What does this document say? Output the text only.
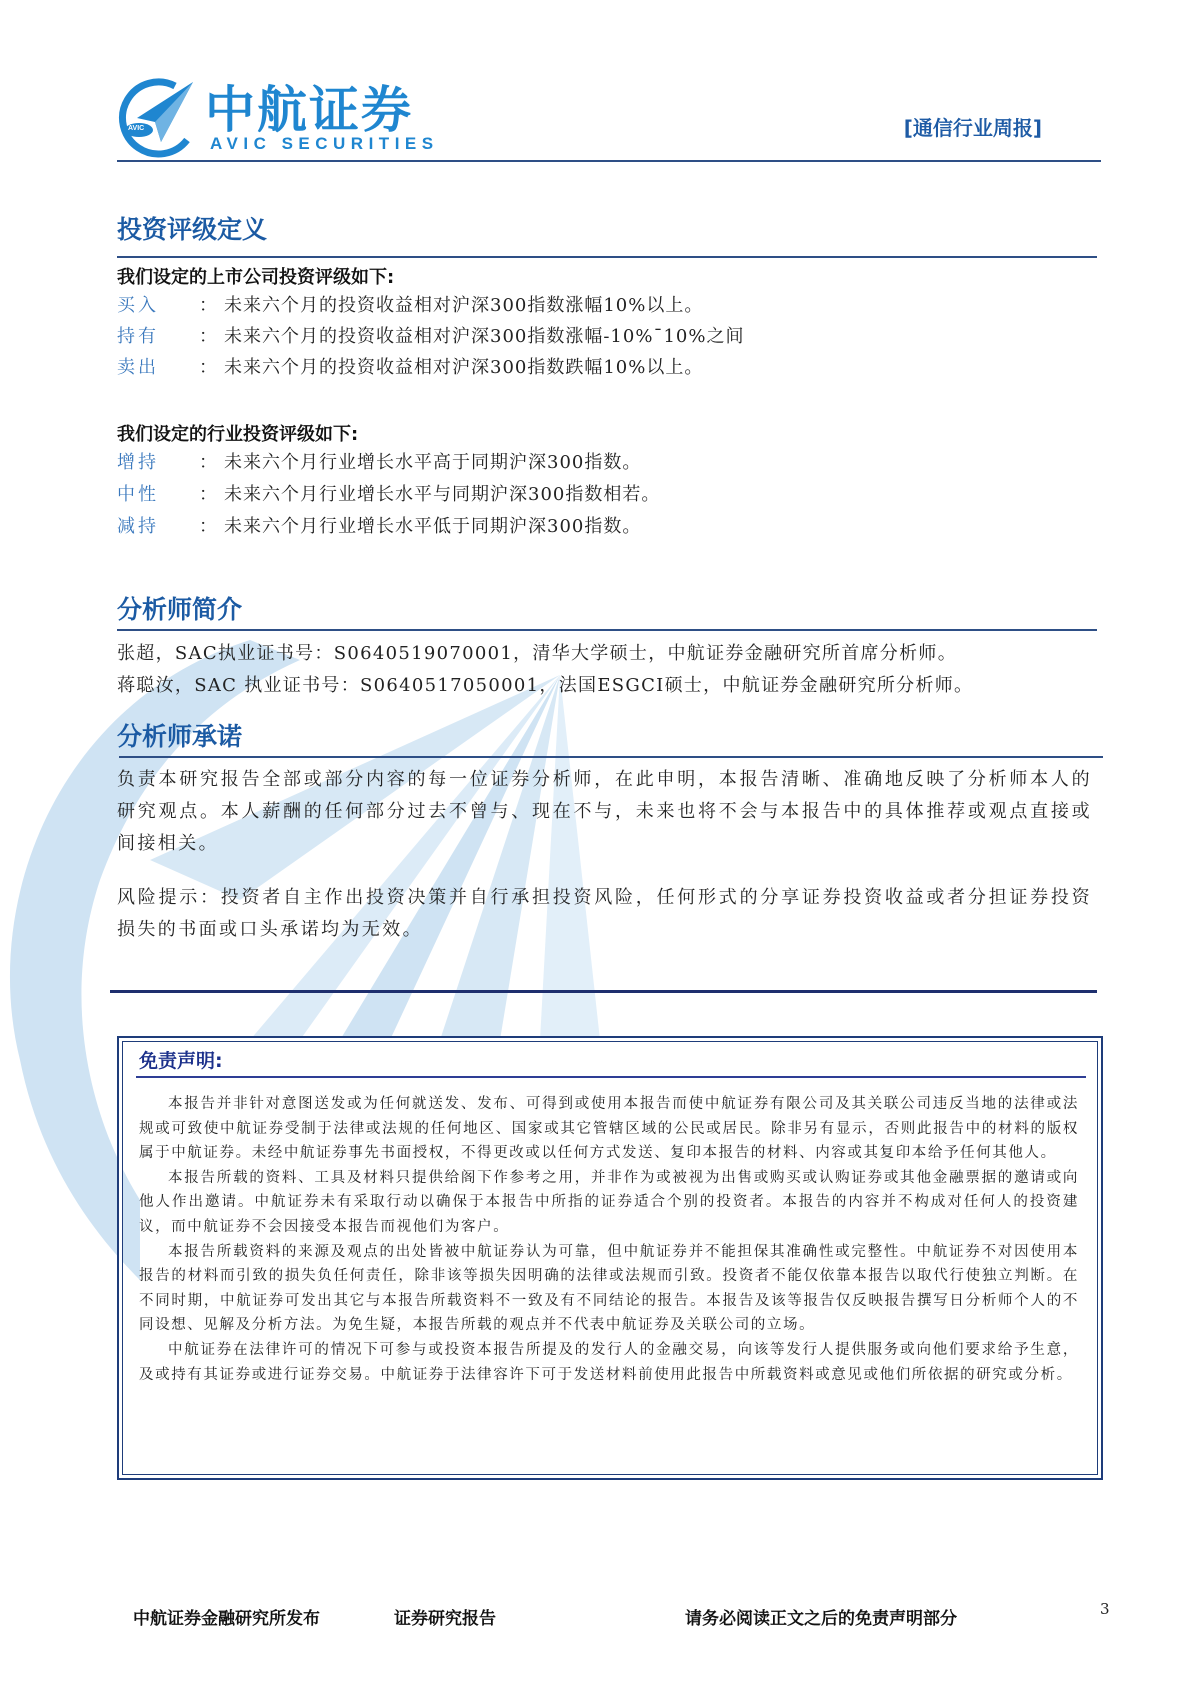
AVIC 中航证券
AVIC SECURITIES
[通信行业周报]
投资评级定义
我们设定的上市公司投资评级如下:
买入 ： 未来六个月的投资收益相对沪深300指数涨幅10%以上。
持有 ： 未来六个月的投资收益相对沪深300指数涨幅-10%¯10%之间
卖出 ： 未来六个月的投资收益相对沪深300指数跌幅10%以上。
我们设定的行业投资评级如下:
增持 ： 未来六个月行业增长水平高于同期沪深300指数。
中性 ： 未来六个月行业增长水平与同期沪深300指数相若。
减持 ： 未来六个月行业增长水平低于同期沪深300指数。
分析师简介
张超，SAC执业证书号：S0640519070001，清华大学硕士，中航证券金融研究所首席分析师。
蒋聪汝，SAC 执业证书号：S0640517050001，法国ESGCI硕士，中航证券金融研究所分析师。
分析师承诺
负责本研究报告全部或部分内容的每一位证券分析师，在此申明，本报告清晰、准确地反映了分析师本人的研究观点。本人薪酬的任何部分过去不曾与、现在不与，未来也将不会与本报告中的具体推荐或观点直接或间接相关。
风险提示：投资者自主作出投资决策并自行承担投资风险，任何形式的分享证券投资收益或者分担证券投资损失的书面或口头承诺均为无效。
免责声明:

本报告并非针对意图送发或为任何就送发、发布、可得到或使用本报告而使中航证券有限公司及其关联公司违反当地的法律或法规或可致使中航证券受制于法律或法规的任何地区、国家或其它管辖区域的公民或居民。除非另有显示，否则此报告中的材料的版权属于中航证券。未经中航证券事先书面授权，不得更改或以任何方式发送、复印本报告的材料、内容或其复印本给予任何其他人。

本报告所载的资料、工具及材料只提供给阁下作参考之用，并非作为或被视为出售或购买或认购证券或其他金融票据的邀请或向他人作出邀请。中航证券未有采取行动以确保于本报告中所指的证券适合个别的投资者。本报告的内容并不构成对任何人的投资建议，而中航证券不会因接受本报告而视他们为客户。

本报告所载资料的来源及观点的出处皆被中航证券认为可靠，但中航证券并不能担保其准确性或完整性。中航证券不对因使用本报告的材料而引致的损失负任何责任，除非该等损失因明确的法律或法规而引致。投资者不能仅依靠本报告以取代行使独立判断。在不同时期，中航证券可发出其它与本报告所载资料不一致及有不同结论的报告。本报告及该等报告仅反映报告撰写日分析师个人的不同设想、见解及分析方法。为免生疑，本报告所载的观点并不代表中航证券及关联公司的立场。

中航证券在法律许可的情况下可参与或投资本报告所提及的发行人的金融交易，向该等发行人提供服务或向他们要求给予生意，及或持有其证券或进行证券交易。中航证券于法律容许下可于发送材料前使用此报告中所载资料或意见或他们所依据的研究或分析。

中航证券金融研究所发布	证券研究报告	请务必阅读正文之后的免责声明部分	3
